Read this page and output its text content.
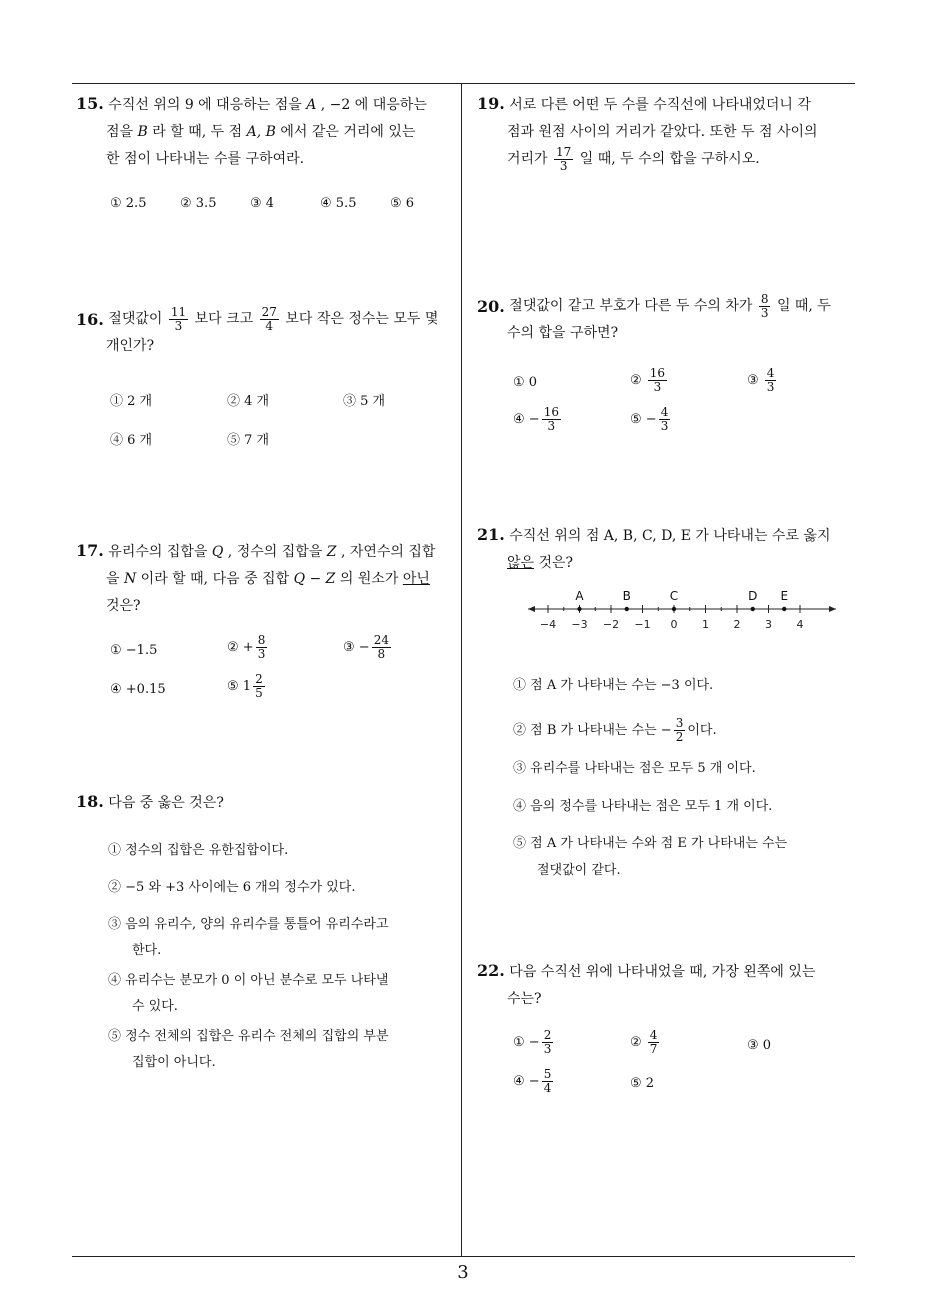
15. 수직선 위의 9 에 대응하는 점을 A , −2 에 대응하는
점을 B 라 할 때, 두 점 A, B 에서 같은 거리에 있는
한 점이 나타내는 수를 구하여라.
① 2.5	② 3.5	③ 4	④ 5.5	⑤ 6
16.
절댓값이
$\frac{11}{3}$
보다 크고
$\frac{27}{4}$
보다 작은 정수는 모두 몇
개인가?
① 2 개	② 4 개	③ 5 개
④ 6 개	⑤ 7 개
17. 유리수의 집합을 Q , 정수의 집합을 Z , 자연수의 집합
을 N 이라 할 때, 다음 중 집합 Q − Z 의 원소가 아닌
것은?
① −1.5	② + $\frac{8}{3}$	③ − $\frac{24}{8}$
④ +0.15	⑤ $1 \frac{2}{5}$
18. 다음 중 옳은 것은?
① 정수의 집합은 유한집합이다.
② −5 와 +3 사이에는 6 개의 정수가 있다.
③ 음의 유리수, 양의 유리수를 통틀어 유리수라고
한다.
④ 유리수는 분모가 0 이 아닌 분수로 모두 나타낼
수 있다.
⑤ 정수 전체의 집합은 유리수 전체의 집합의 부분
집합이 아니다.
19. 서로 다른 어떤 두 수를 수직선에 나타내었더니 각
점과 원점 사이의 거리가 같았다. 또한 두 점 사이의
거리가
$\frac{17}{3}$
일 때, 두 수의 합을 구하시오.
20.
절댓값이 같고 부호가 다른 두 수의 차가
$\frac{8}{3}$
일 때, 두
수의 합을 구하면?
① 0	②
$\frac{16}{3}$	③
$\frac{4}{3}$
④ − $\frac{16}{3}$	⑤ − $\frac{4}{3}$
21. 수직선 위의 점 A, B, C, D, E 가 나타내는 수로 옳지
않은 것은?
−4 −3 −2 −1 0 1 2 3 4
A	B	C	D E
① 점 A 가 나타내는 수는 −3 이다.
② 점 B 가 나타내는 수는 − $\frac{3}{2}$ 이다.
③ 유리수를 나타내는 점은 모두 5 개 이다.
④ 음의 정수를 나타내는 점은 모두 1 개 이다.
⑤ 점 A 가 나타내는 수와 점 E 가 나타내는 수는
절댓값이 같다.
22. 다음 수직선 위에 나타내었을 때, 가장 왼쪽에 있는
수는?
① − $\frac{2}{3}$	②
$\frac{4}{7}$	③ 0
④ − $\frac{5}{4}$	⑤ 2
3
